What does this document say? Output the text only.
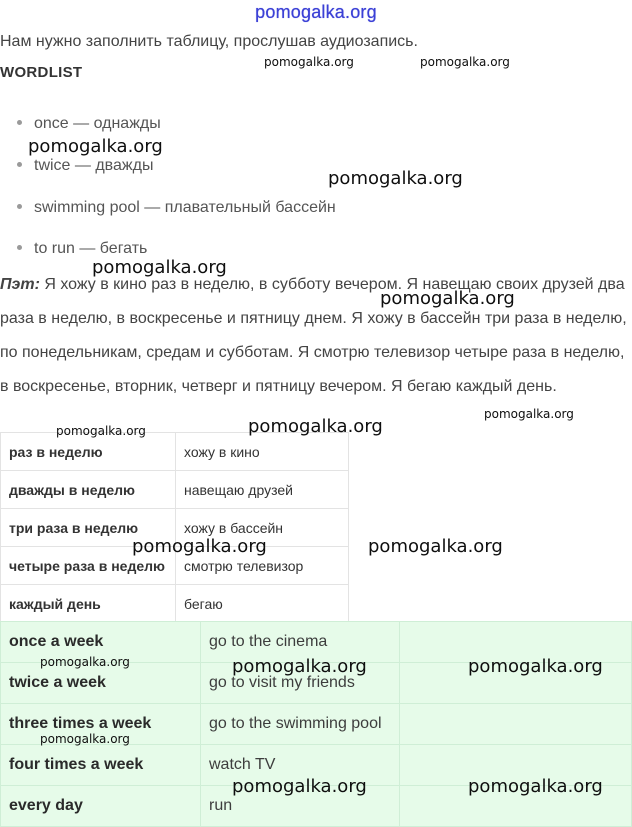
pomogalka.org
Нам нужно заполнить таблицу, прослушав аудиозапись.
WORDLIST
once — однажды
twice — дважды
swimming pool — плавательный бассейн
to run — бегать
Пэт: Я хожу в кино раз в неделю, в субботу вечером. Я навещаю своих друзей два раза в неделю, в воскресенье и пятницу днем. Я хожу в бассейн три раза в неделю, по понедельникам, средам и субботам. Я смотрю телевизор четыре раза в неделю, в воскресенье, вторник, четверг и пятницу вечером. Я бегаю каждый день.
раз в неделю	хожу в кино
дважды в неделю	навещаю друзей
три раза в неделю	хожу в бассейн
четыре раза в неделю	смотрю телевизор
каждый день	бегаю
once a week	go to the cinema	
twice a week	go to visit my friends	
three times a week	go to the swimming pool	
four times a week	watch TV	
every day	run	
pomogalka.org	pomogalka.org
pomogalka.org
pomogalka.org
pomogalka.org
pomogalka.org
pomogalka.org
pomogalka.org
pomogalka.org
pomogalka.org	pomogalka.org
pomogalka.org	pomogalka.org	pomogalka.org
pomogalka.org
pomogalka.org	pomogalka.org
